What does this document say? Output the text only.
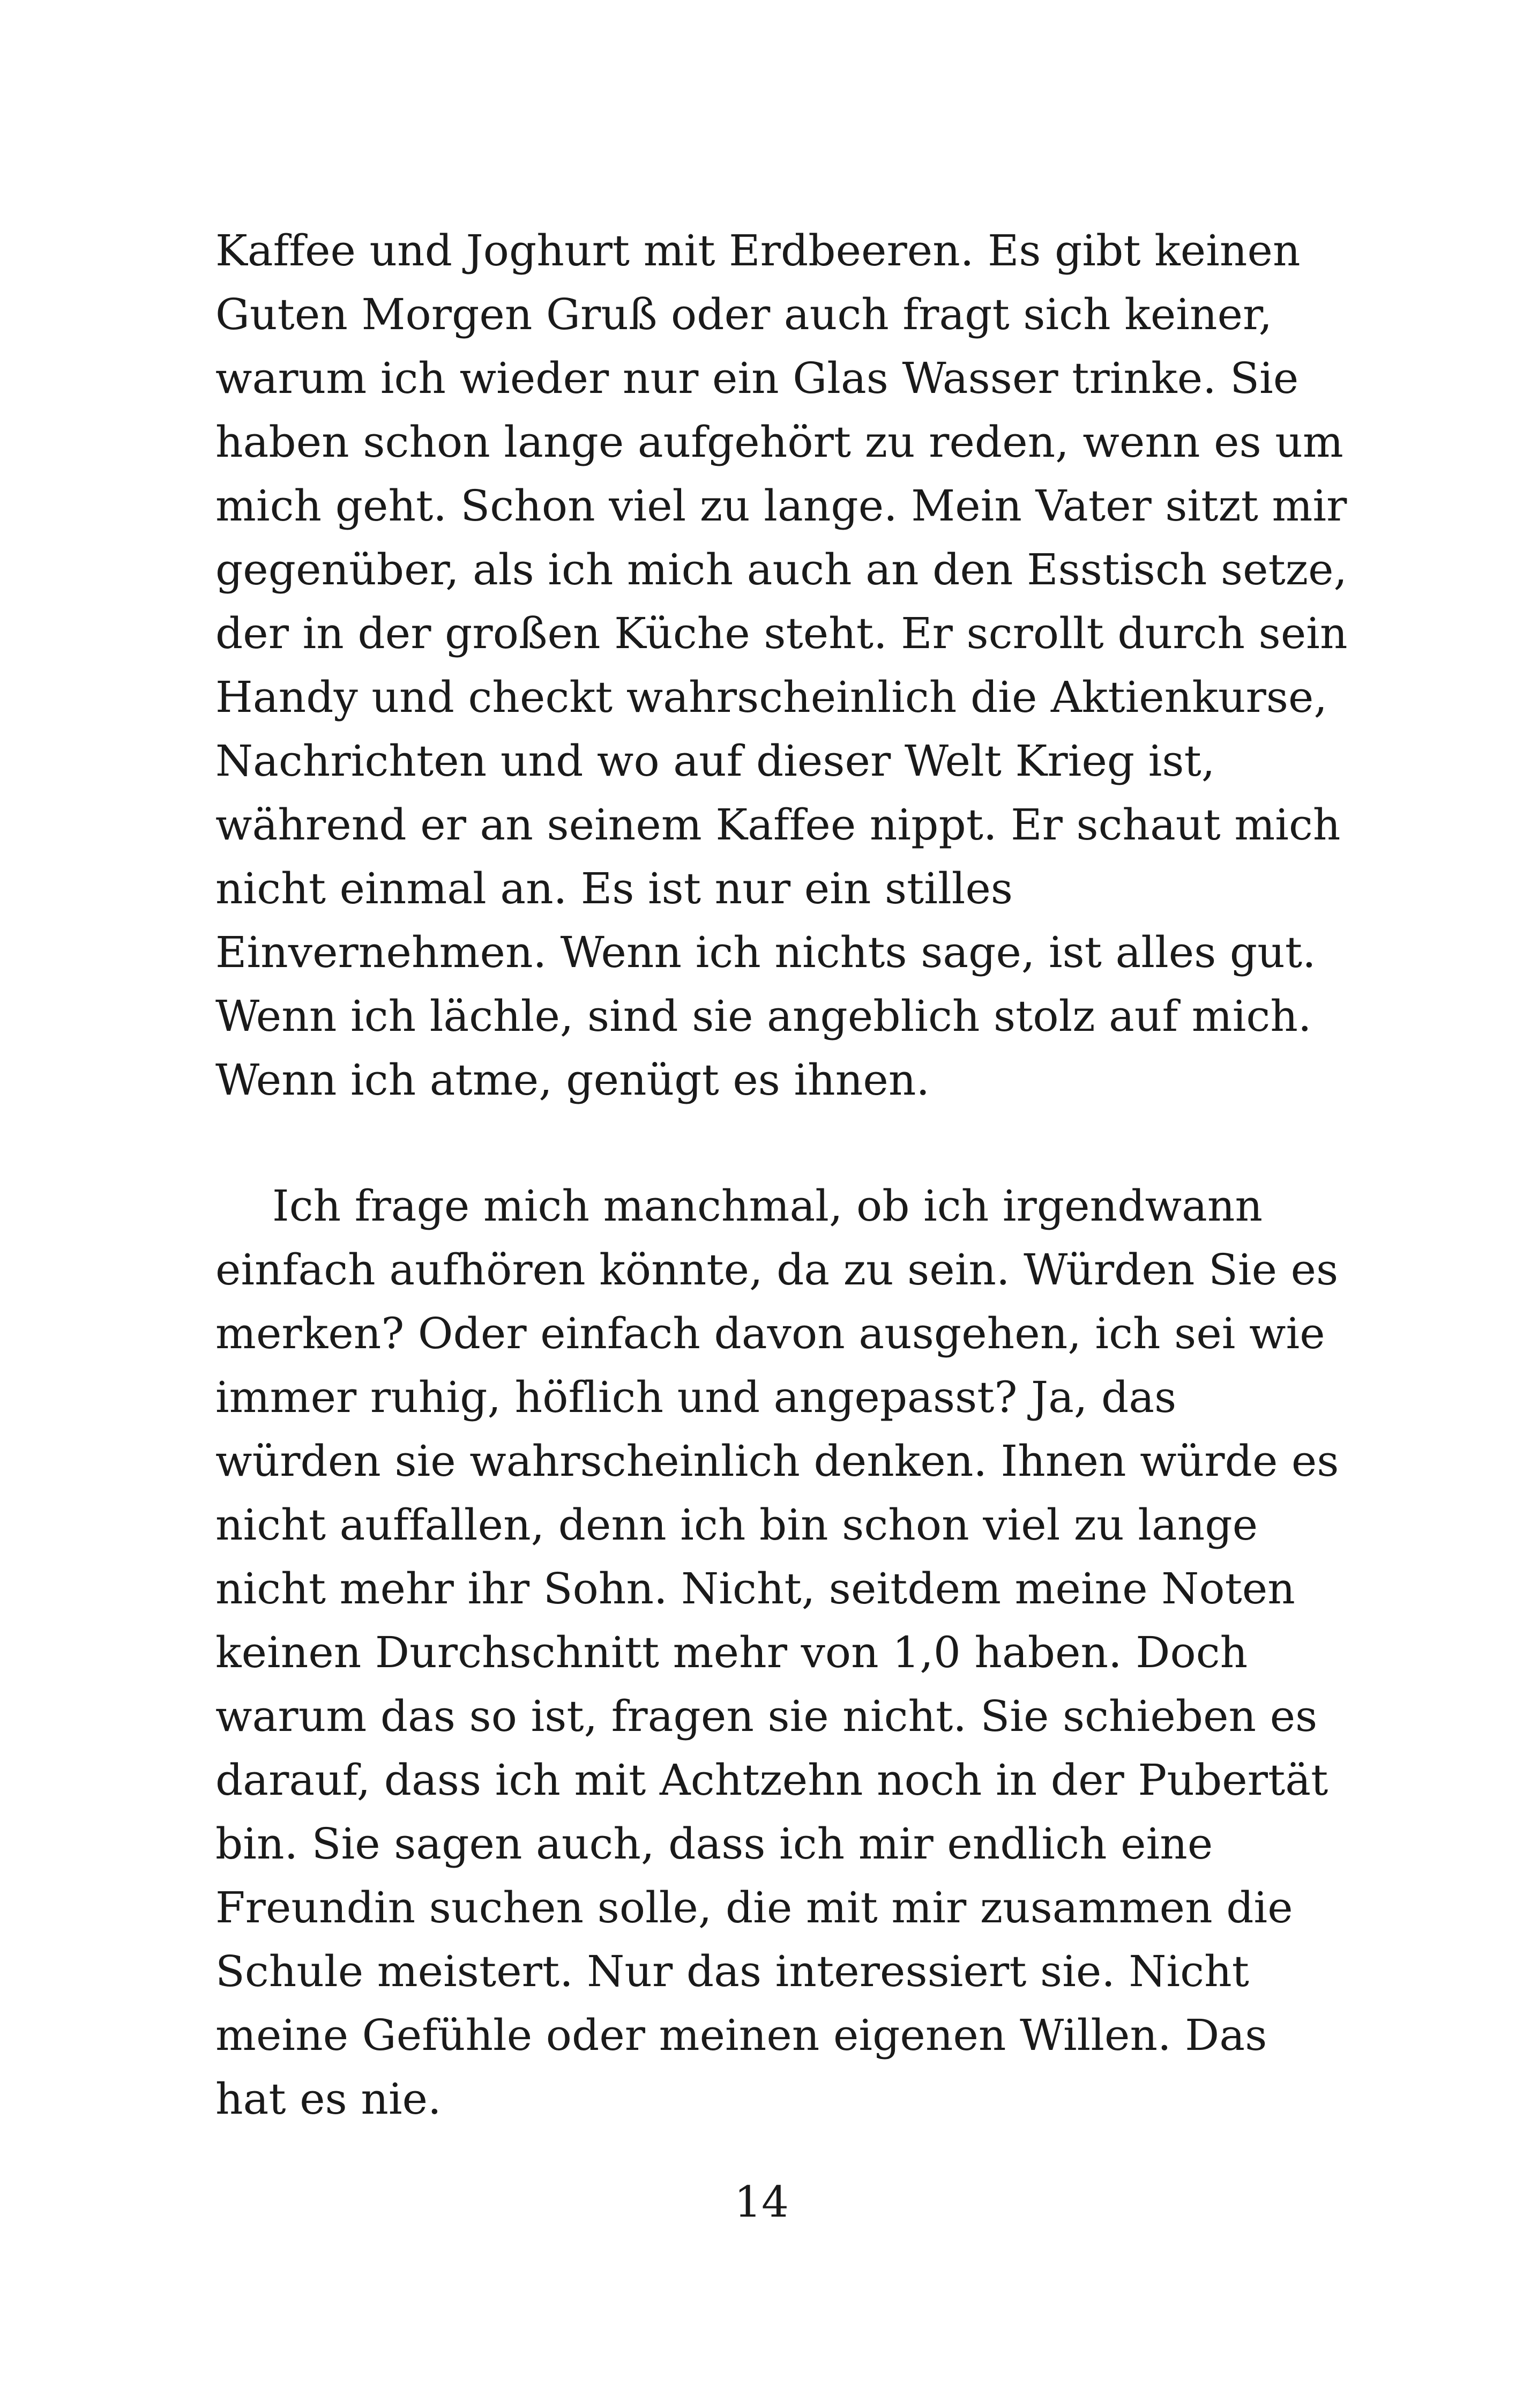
Kaffee und Joghurt mit Erdbeeren. Es gibt keinen
Guten Morgen Gruß oder auch fragt sich keiner,
warum ich wieder nur ein Glas Wasser trinke. Sie
haben schon lange aufgehört zu reden, wenn es um
mich geht. Schon viel zu lange. Mein Vater sitzt mir
gegenüber, als ich mich auch an den Esstisch setze,
der in der großen Küche steht. Er scrollt durch sein
Handy und checkt wahrscheinlich die Aktienkurse,
Nachrichten und wo auf dieser Welt Krieg ist,
während er an seinem Kaffee nippt. Er schaut mich
nicht einmal an. Es ist nur ein stilles
Einvernehmen. Wenn ich nichts sage, ist alles gut.
Wenn ich lächle, sind sie angeblich stolz auf mich.
Wenn ich atme, genügt es ihnen.
Ich frage mich manchmal, ob ich irgendwann
einfach aufhören könnte, da zu sein. Würden Sie es
merken? Oder einfach davon ausgehen, ich sei wie
immer ruhig, höflich und angepasst? Ja, das
würden sie wahrscheinlich denken. Ihnen würde es
nicht auffallen, denn ich bin schon viel zu lange
nicht mehr ihr Sohn. Nicht, seitdem meine Noten
keinen Durchschnitt mehr von 1,0 haben. Doch
warum das so ist, fragen sie nicht. Sie schieben es
darauf, dass ich mit Achtzehn noch in der Pubertät
bin. Sie sagen auch, dass ich mir endlich eine
Freundin suchen solle, die mit mir zusammen die
Schule meistert. Nur das interessiert sie. Nicht
meine Gefühle oder meinen eigenen Willen. Das
hat es nie.
14
